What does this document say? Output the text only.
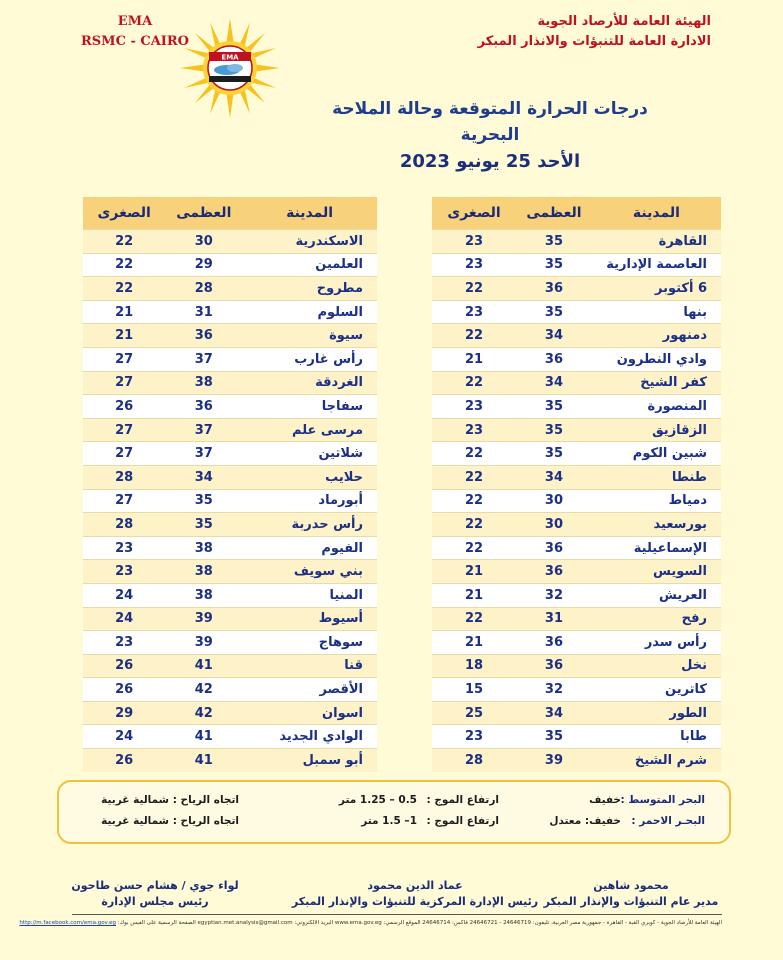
EMA
RSMC - CAIRO
الهيئة العامة للأرصاد الجوية
الادارة العامة للتنبؤات والانذار المبكر
EMA
درجات الحرارة المتوقعة وحالة الملاحة البحرية
الأحد 25 يونيو 2023
المدينة	العظمى	الصغرى
القاهرة	35	23
العاصمة الإدارية	35	23
6 أكتوبر	36	22
بنها	35	23
دمنهور	34	22
وادي النطرون	36	21
كفر الشيخ	34	22
المنصورة	35	23
الزقازيق	35	23
شبين الكوم	35	22
طنطا	34	22
دمياط	30	22
بورسعيد	30	22
الإسماعيلية	36	22
السويس	36	21
العريش	32	21
رفح	31	22
رأس سدر	36	21
نخل	36	18
كاترين	32	15
الطور	34	25
طابا	35	23
شرم الشيخ	39	28
المدينة	العظمى	الصغرى
الاسكندرية	30	22
العلمين	29	22
مطروح	28	22
السلوم	31	21
سيوة	36	21
رأس غارب	37	27
الغردقة	38	27
سفاجا	36	26
مرسى علم	37	27
شلاتين	37	27
حلايب	34	28
أبورماد	35	27
رأس حدربة	35	28
الفيوم	38	23
بني سويف	38	23
المنيا	38	24
أسيوط	39	24
سوهاج	39	23
قنا	41	26
الأقصر	42	26
اسوان	42	29
الوادي الجديد	41	24
أبو سمبل	41	26
البحر المتوسط :
خفيف
ارتفاع الموج :
0.5 – 1.25 متر
اتجاه الرياح :
شمالية غربية
البحـر الاحمر :
خفيف: معتدل
ارتفاع الموج :
1– 1.5 متر
اتجاه الرياح :
شمالية غربية
محمود شاهين
مدير عام التنبؤات والإنذار المبكر
عماد الدين محمود
رئيس الإدارة المركزية للتنبؤات والإنذار المبكر
لواء جوي / هشام حسن طاحون
رئيس مجلس الإدارة
الهيئة العامة للأرصاد الجوية - كوبري القبة - القاهرة - جمهورية مصر العربية، تليفون: 24646719 - 24646721 فاكس: 24646714 الموقع الرسمي: www.ema.gov.eg البريد الالكتروني: egyptian.met.analysis@gmail.com الصفحة الرسمية على الفيس بوك: http://m.facebook.com/ema.gov.eg
